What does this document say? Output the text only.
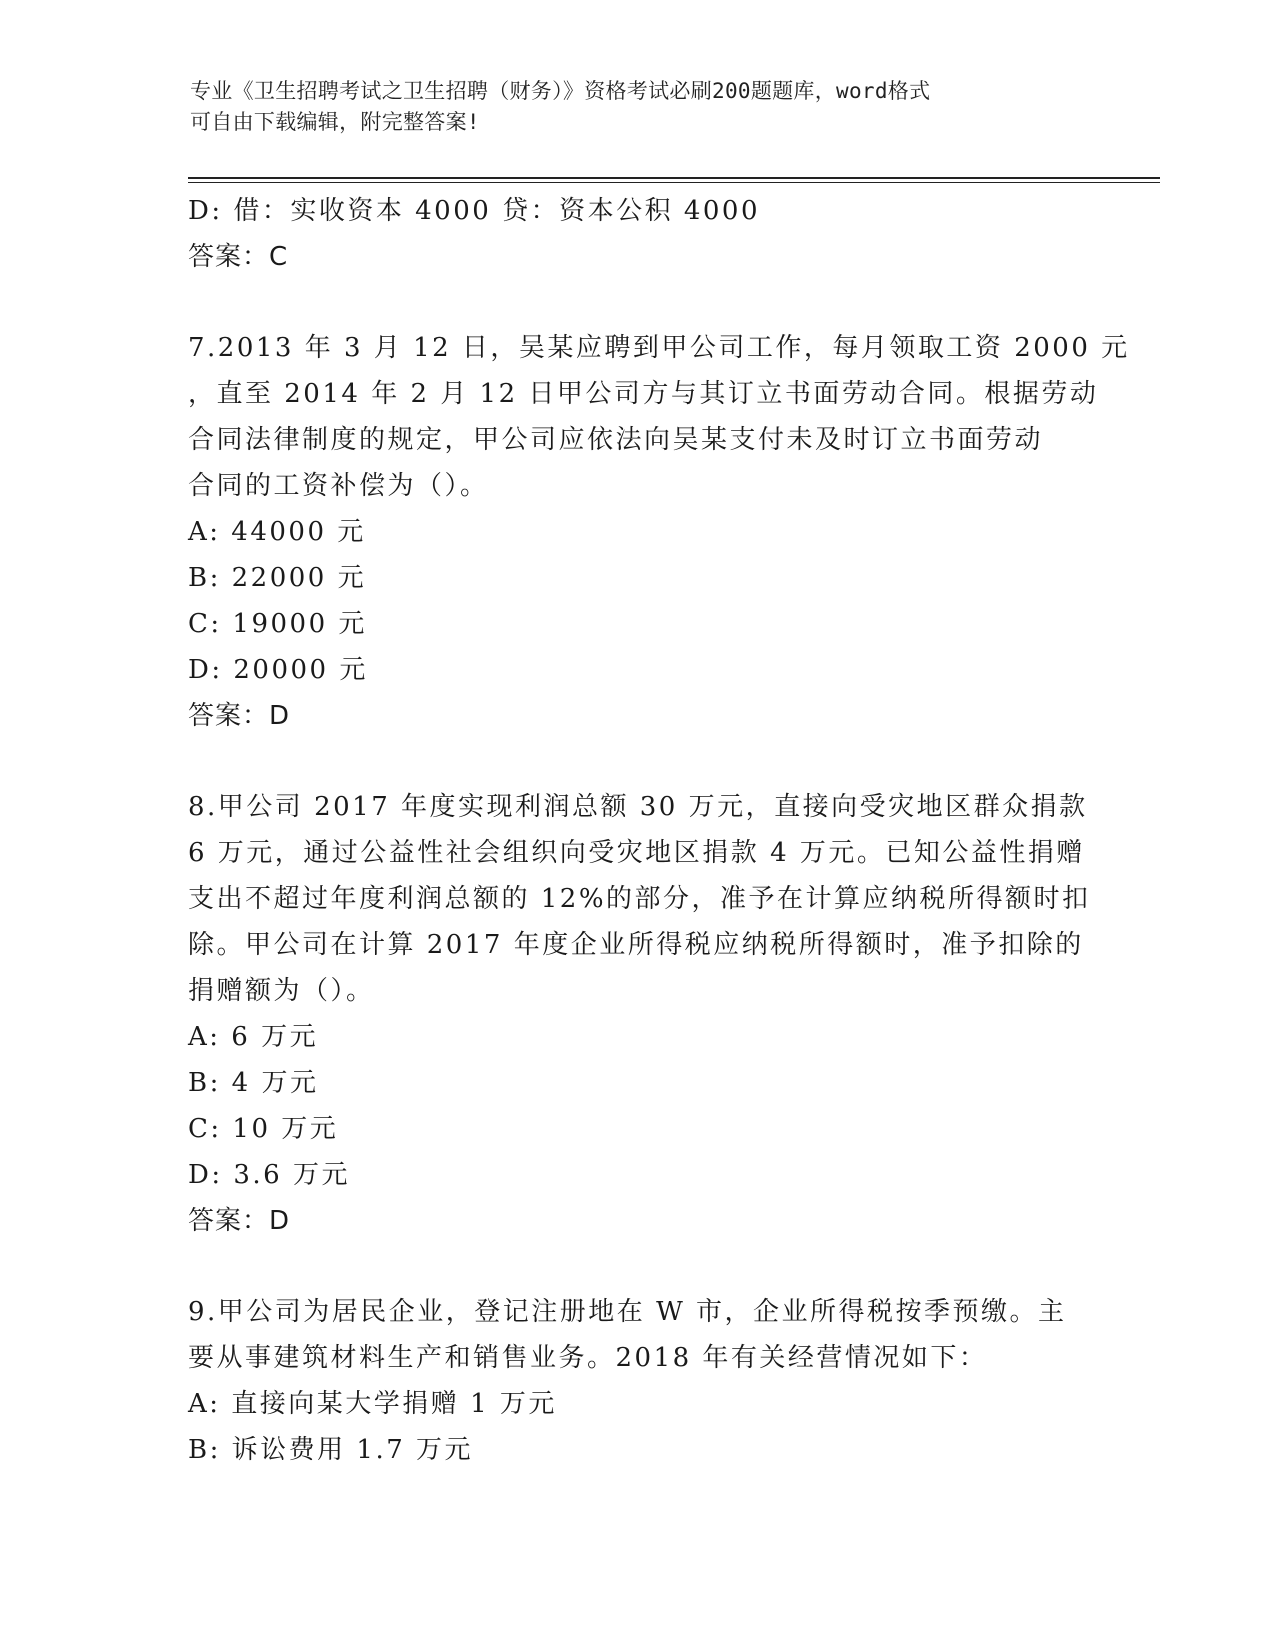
专业《卫生招聘考试之卫生招聘（财务）》资格考试必刷200题题库，word格式
可自由下载编辑，附完整答案!
D: 借：实收资本 4000 贷：资本公积 4000
答案：C
7.2013 年 3 月 12 日，吴某应聘到甲公司工作，每月领取工资 2000 元
，直至 2014 年 2 月 12 日甲公司方与其订立书面劳动合同。根据劳动
合同法律制度的规定，甲公司应依法向吴某支付未及时订立书面劳动
合同的工资补偿为（）。
A: 44000 元
B: 22000 元
C: 19000 元
D: 20000 元
答案：D
8.甲公司 2017 年度实现利润总额 30 万元，直接向受灾地区群众捐款
6 万元，通过公益性社会组织向受灾地区捐款 4 万元。已知公益性捐赠
支出不超过年度利润总额的 12%的部分，准予在计算应纳税所得额时扣
除。甲公司在计算 2017 年度企业所得税应纳税所得额时，准予扣除的
捐赠额为（）。
A: 6 万元
B: 4 万元
C: 10 万元
D: 3.6 万元
答案：D
9.甲公司为居民企业，登记注册地在 W 市，企业所得税按季预缴。主
要从事建筑材料生产和销售业务。2018 年有关经营情况如下：
A: 直接向某大学捐赠 1 万元
B: 诉讼费用 1.7 万元
